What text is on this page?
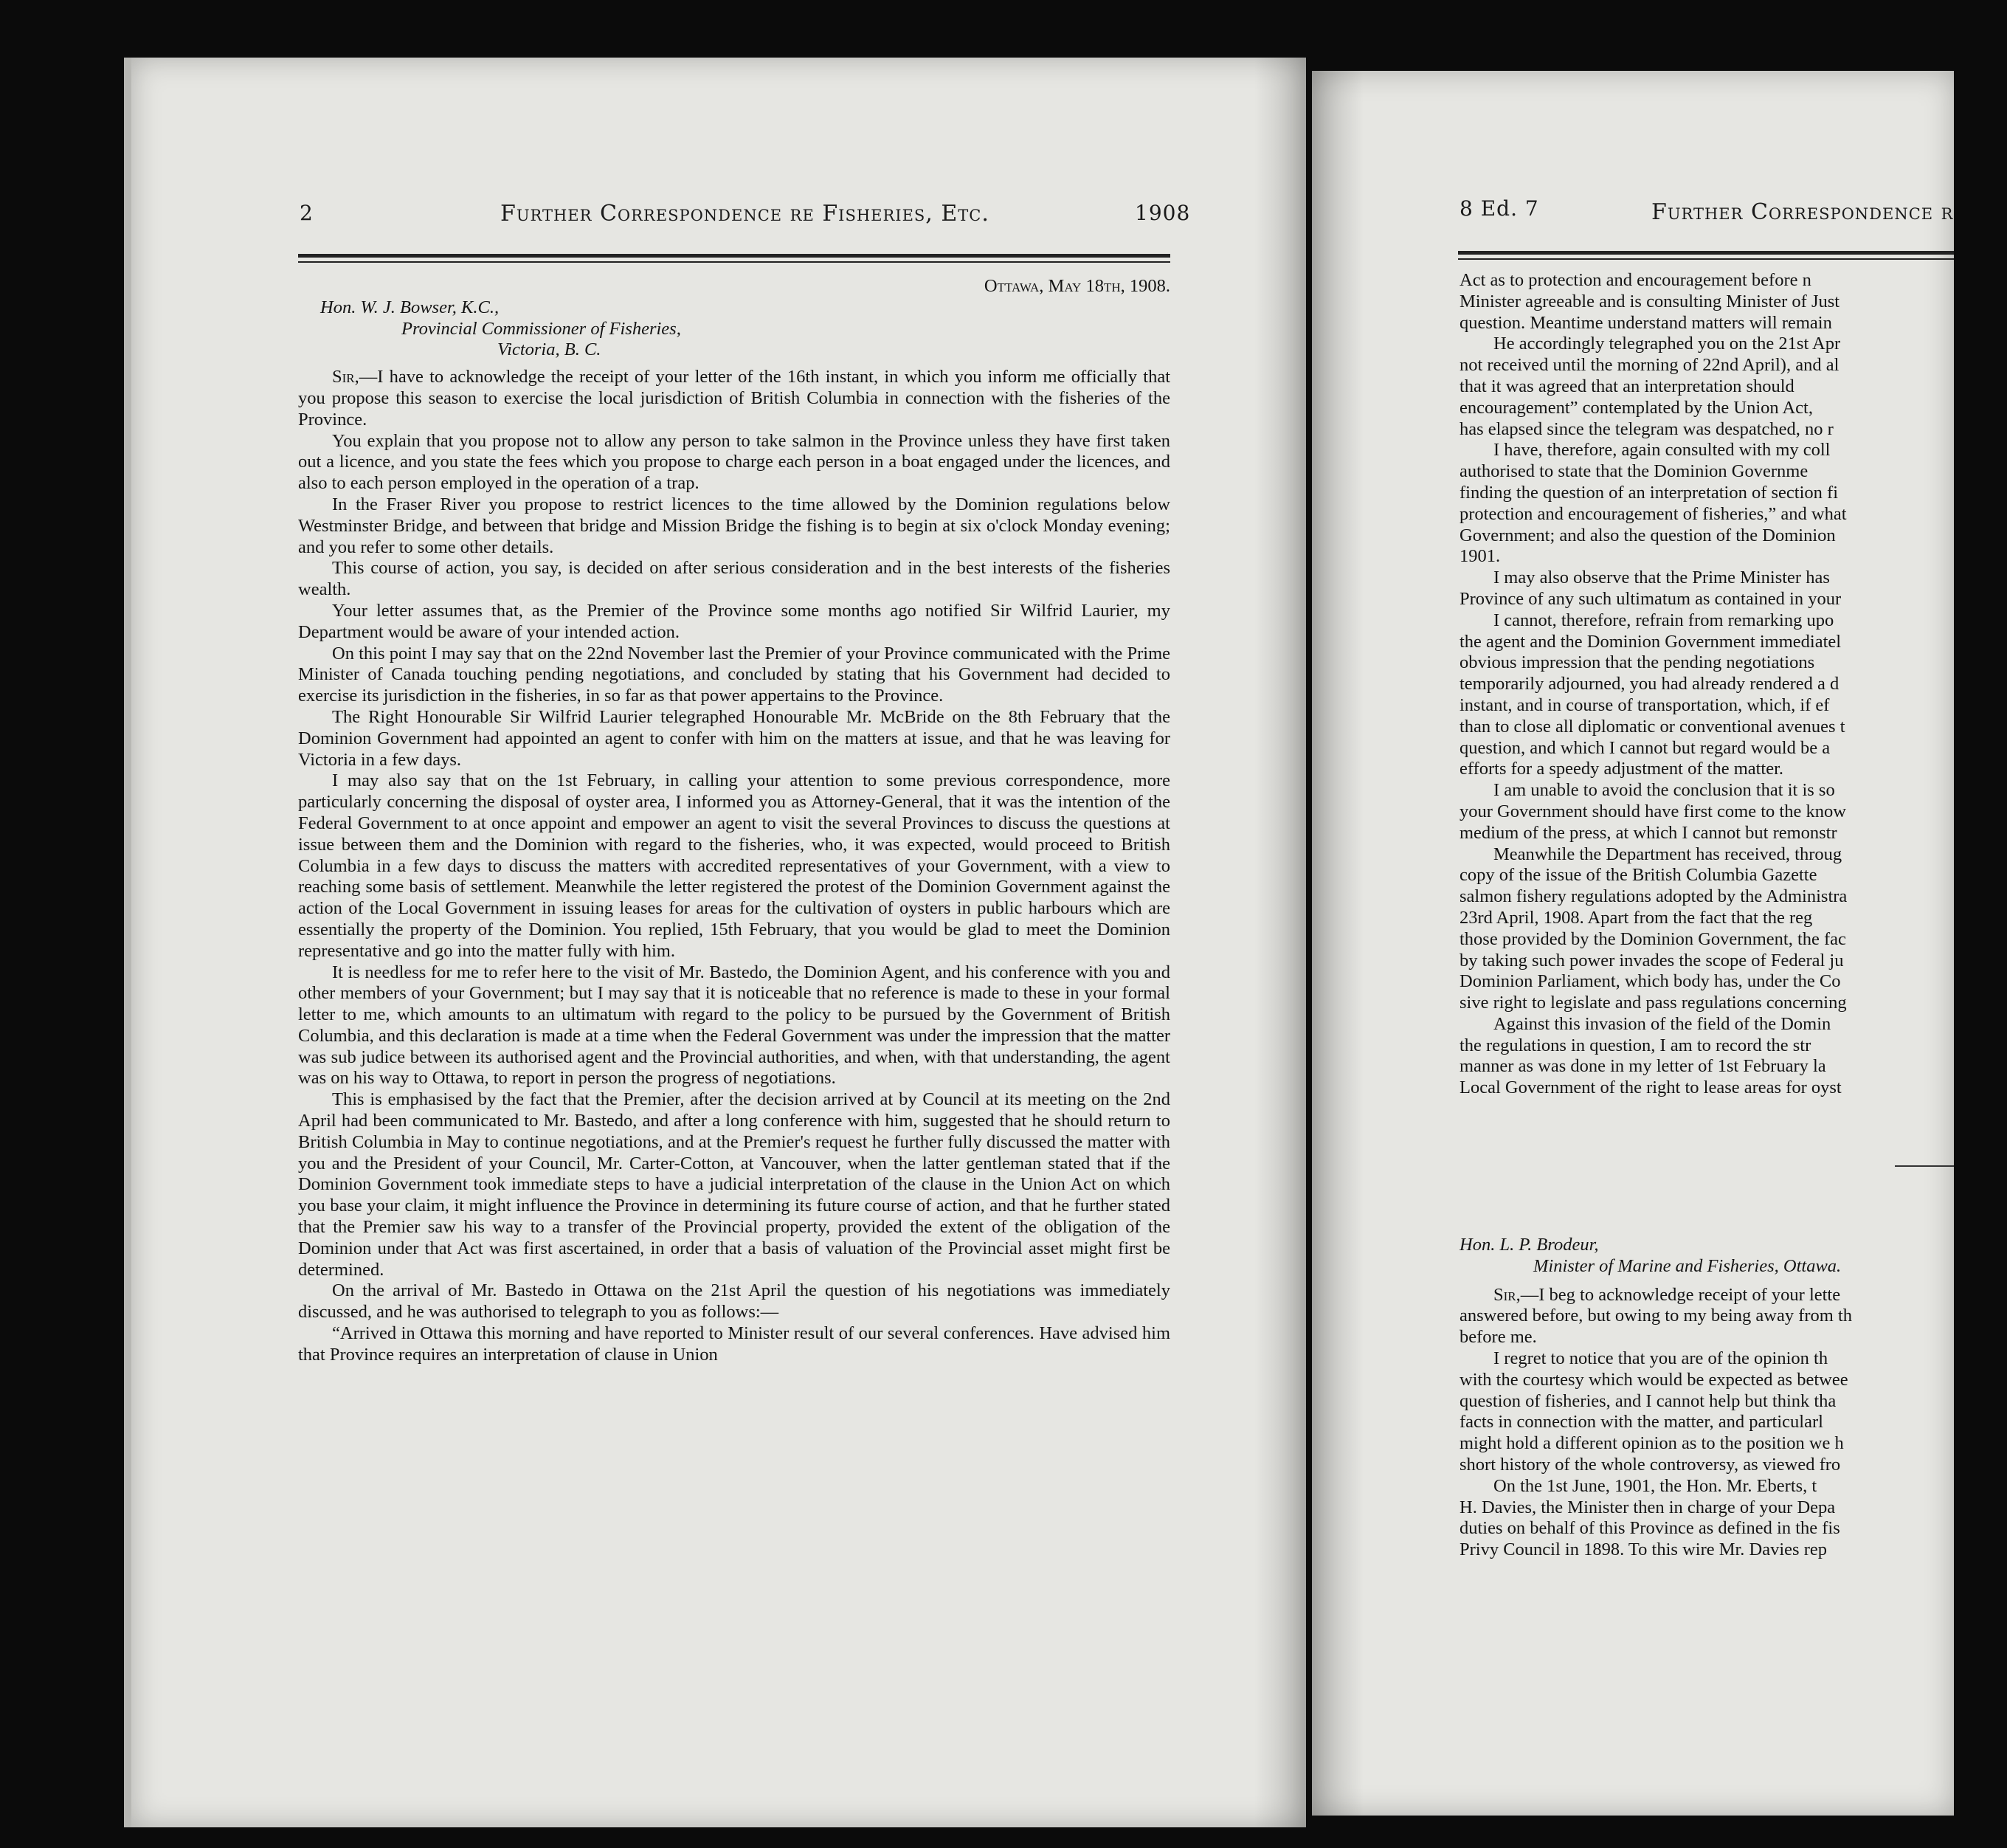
2	Further Correspondence re Fisheries, Etc.	1908

Ottawa, May 18th, 1908.

Hon. W. J. Bowser, K.C.,

Provincial Commissioner of Fisheries,

Victoria, B. C.

Sir,—I have to acknowledge the receipt of your letter of the 16th instant, in which you inform me officially that you propose this season to exercise the local jurisdiction of British Columbia in connection with the fisheries of the Province.

You explain that you propose not to allow any person to take salmon in the Province unless they have first taken out a licence, and you state the fees which you propose to charge each person in a boat engaged under the licences, and also to each person employed in the operation of a trap.

In the Fraser River you propose to restrict licences to the time allowed by the Dominion regulations below Westminster Bridge, and between that bridge and Mission Bridge the fishing is to begin at six o'clock Monday evening; and you refer to some other details.

This course of action, you say, is decided on after serious consideration and in the best interests of the fisheries wealth.

Your letter assumes that, as the Premier of the Province some months ago notified Sir Wilfrid Laurier, my Department would be aware of your intended action.

On this point I may say that on the 22nd November last the Premier of your Province communicated with the Prime Minister of Canada touching pending negotiations, and concluded by stating that his Government had decided to exercise its jurisdiction in the fisheries, in so far as that power appertains to the Province.

The Right Honourable Sir Wilfrid Laurier telegraphed Honourable Mr. McBride on the 8th February that the Dominion Government had appointed an agent to confer with him on the matters at issue, and that he was leaving for Victoria in a few days.

I may also say that on the 1st February, in calling your attention to some previous correspondence, more particularly concerning the disposal of oyster area, I informed you as Attorney-General, that it was the intention of the Federal Government to at once appoint and empower an agent to visit the several Provinces to discuss the questions at issue between them and the Dominion with regard to the fisheries, who, it was expected, would proceed to British Columbia in a few days to discuss the matters with accredited representatives of your Government, with a view to reaching some basis of settlement. Meanwhile the letter registered the protest of the Dominion Government against the action of the Local Government in issuing leases for areas for the cultivation of oysters in public harbours which are essentially the property of the Dominion. You replied, 15th February, that you would be glad to meet the Dominion representative and go into the matter fully with him.

It is needless for me to refer here to the visit of Mr. Bastedo, the Dominion Agent, and his conference with you and other members of your Government; but I may say that it is noticeable that no reference is made to these in your formal letter to me, which amounts to an ultimatum with regard to the policy to be pursued by the Government of British Columbia, and this declaration is made at a time when the Federal Government was under the impression that the matter was sub judice between its authorised agent and the Provincial authorities, and when, with that understanding, the agent was on his way to Ottawa, to report in person the progress of negotiations.

This is emphasised by the fact that the Premier, after the decision arrived at by Council at its meeting on the 2nd April had been communicated to Mr. Bastedo, and after a long conference with him, suggested that he should return to British Columbia in May to continue negotiations, and at the Premier's request he further fully discussed the matter with you and the President of your Council, Mr. Carter-Cotton, at Vancouver, when the latter gentleman stated that if the Dominion Government took immediate steps to have a judicial interpretation of the clause in the Union Act on which you base your claim, it might influence the Province in determining its future course of action, and that he further stated that the Premier saw his way to a transfer of the Provincial property, provided the extent of the obligation of the Dominion under that Act was first ascertained, in order that a basis of valuation of the Provincial asset might first be determined.

On the arrival of Mr. Bastedo in Ottawa on the 21st April the question of his negotiations was immediately discussed, and he was authorised to telegraph to you as follows:—

“Arrived in Ottawa this morning and have reported to Minister result of our several conferences. Have advised him that Province requires an interpretation of clause in Union

8 Ed. 7	Further Correspondence r
Act as to protection and encouragement before n
Minister agreeable and is consulting Minister of Just
question. Meantime understand matters will remain
He accordingly telegraphed you on the 21st Apr
not received until the morning of 22nd April), and al
that it was agreed that an interpretation should
encouragement” contemplated by the Union Act,
has elapsed since the telegram was despatched, no r
I have, therefore, again consulted with my coll
authorised to state that the Dominion Governme
finding the question of an interpretation of section fi
protection and encouragement of fisheries,” and what
Government; and also the question of the Dominion
1901.
I may also observe that the Prime Minister has
Province of any such ultimatum as contained in your
I cannot, therefore, refrain from remarking upo
the agent and the Dominion Government immediatel
obvious impression that the pending negotiations
temporarily adjourned, you had already rendered a d
instant, and in course of transportation, which, if ef
than to close all diplomatic or conventional avenues t
question, and which I cannot but regard would be a
efforts for a speedy adjustment of the matter.
I am unable to avoid the conclusion that it is so
your Government should have first come to the know
medium of the press, at which I cannot but remonstr
Meanwhile the Department has received, throug
copy of the issue of the British Columbia Gazette
salmon fishery regulations adopted by the Administra
23rd April, 1908. Apart from the fact that the reg
those provided by the Dominion Government, the fac
by taking such power invades the scope of Federal ju
Dominion Parliament, which body has, under the Co
sive right to legislate and pass regulations concerning
Against this invasion of the field of the Domin
the regulations in question, I am to record the str
manner as was done in my letter of 1st February la
Local Government of the right to lease areas for oyst

Hon. L. P. Brodeur,

Minister of Marine and Fisheries, Ottawa.

Sir,—I beg to acknowledge receipt of your lette
answered before, but owing to my being away from th
before me.
I regret to notice that you are of the opinion th
with the courtesy which would be expected as betwee
question of fisheries, and I cannot help but think tha
facts in connection with the matter, and particularl
might hold a different opinion as to the position we h
short history of the whole controversy, as viewed fro
On the 1st June, 1901, the Hon. Mr. Eberts, t
H. Davies, the Minister then in charge of your Depa
duties on behalf of this Province as defined in the fis
Privy Council in 1898. To this wire Mr. Davies rep
